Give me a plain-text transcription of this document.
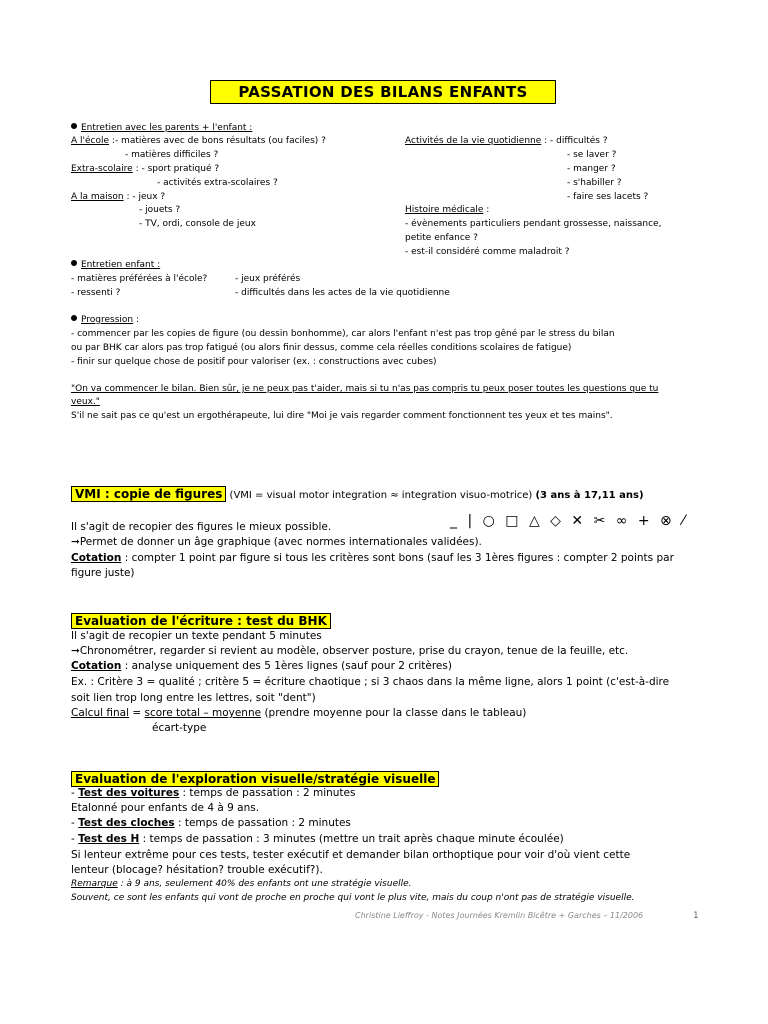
PASSATION DES BILANS ENFANTS
Entretien avec les parents + l'enfant :
A l'école :- matières avec de bons résultats (ou faciles) ?
- matières difficiles ?
Extra-scolaire : - sport pratiqué ?
- activités extra-scolaires ?
A la maison : - jeux ?
- jouets ?
- TV, ordi, console de jeux
Activités de la vie quotidienne : - difficultés ?
- se laver ?
- manger ?
- s'habiller ?
- faire ses lacets ?
Histoire médicale :
- évènements particuliers pendant grossesse, naissance,
petite enfance ?
- est-il considéré comme maladroit ?
Entretien enfant :
- matières préférées à l'école?
- ressenti ?
- jeux préférés
- difficultés dans les actes de la vie quotidienne
Progression :
- commencer par les copies de figure (ou dessin bonhomme), car alors l'enfant n'est pas trop gêné par le stress du bilan
ou par BHK car alors pas trop fatigué (ou alors finir dessus, comme cela réelles conditions scolaires de fatigue)
- finir sur quelque chose de positif pour valoriser (ex. : constructions avec cubes)
"On va commencer le bilan. Bien sûr, je ne peux pas t'aider, mais si tu n'as pas compris tu peux poser toutes les questions que tu
veux."
S'il ne sait pas ce qu'est un ergothérapeute, lui dire "Moi je vais regarder comment fonctionnent tes yeux et tes mains".
VMI : copie de figures (VMI = visual motor integration ≈ integration visuo-motrice) (3 ans à 17,11 ans)
Il s'agit de recopier des figures le mieux possible.	_ | ○ □ △ ◇ ✕ ✂ ∞ + ⊗ ⁄
➞Permet de donner un âge graphique (avec normes internationales validées).
Cotation : compter 1 point par figure si tous les critères sont bons (sauf les 3 1ères figures : compter 2 points par
figure juste)
Evaluation de l'écriture : test du BHK
Il s'agit de recopier un texte pendant 5 minutes
➞Chronométrer, regarder si revient au modèle, observer posture, prise du crayon, tenue de la feuille, etc.
Cotation : analyse uniquement des 5 1ères lignes (sauf pour 2 critères)
Ex. : Critère 3 = qualité ; critère 5 = écriture chaotique ; si 3 chaos dans la même ligne, alors 1 point (c'est-à-dire
soit lien trop long entre les lettres, soit "dent")
Calcul final = score total – moyenne (prendre moyenne pour la classe dans le tableau)
écart-type
Evaluation de l'exploration visuelle/stratégie visuelle
- Test des voitures : temps de passation : 2 minutes
Etalonné pour enfants de 4 à 9 ans.
- Test des cloches : temps de passation : 2 minutes
- Test des H : temps de passation : 3 minutes (mettre un trait après chaque minute écoulée)
Si lenteur extrême pour ces tests, tester exécutif et demander bilan orthoptique pour voir d'où vient cette
lenteur (blocage? hésitation? trouble exécutif?).
Remarque : à 9 ans, seulement 40% des enfants ont une stratégie visuelle.
Souvent, ce sont les enfants qui vont de proche en proche qui vont le plus vite, mais du coup n'ont pas de stratégie visuelle.
Christine Lieffroy - Notes Journées Kremlin Bicêtre + Garches – 11/2006	1
